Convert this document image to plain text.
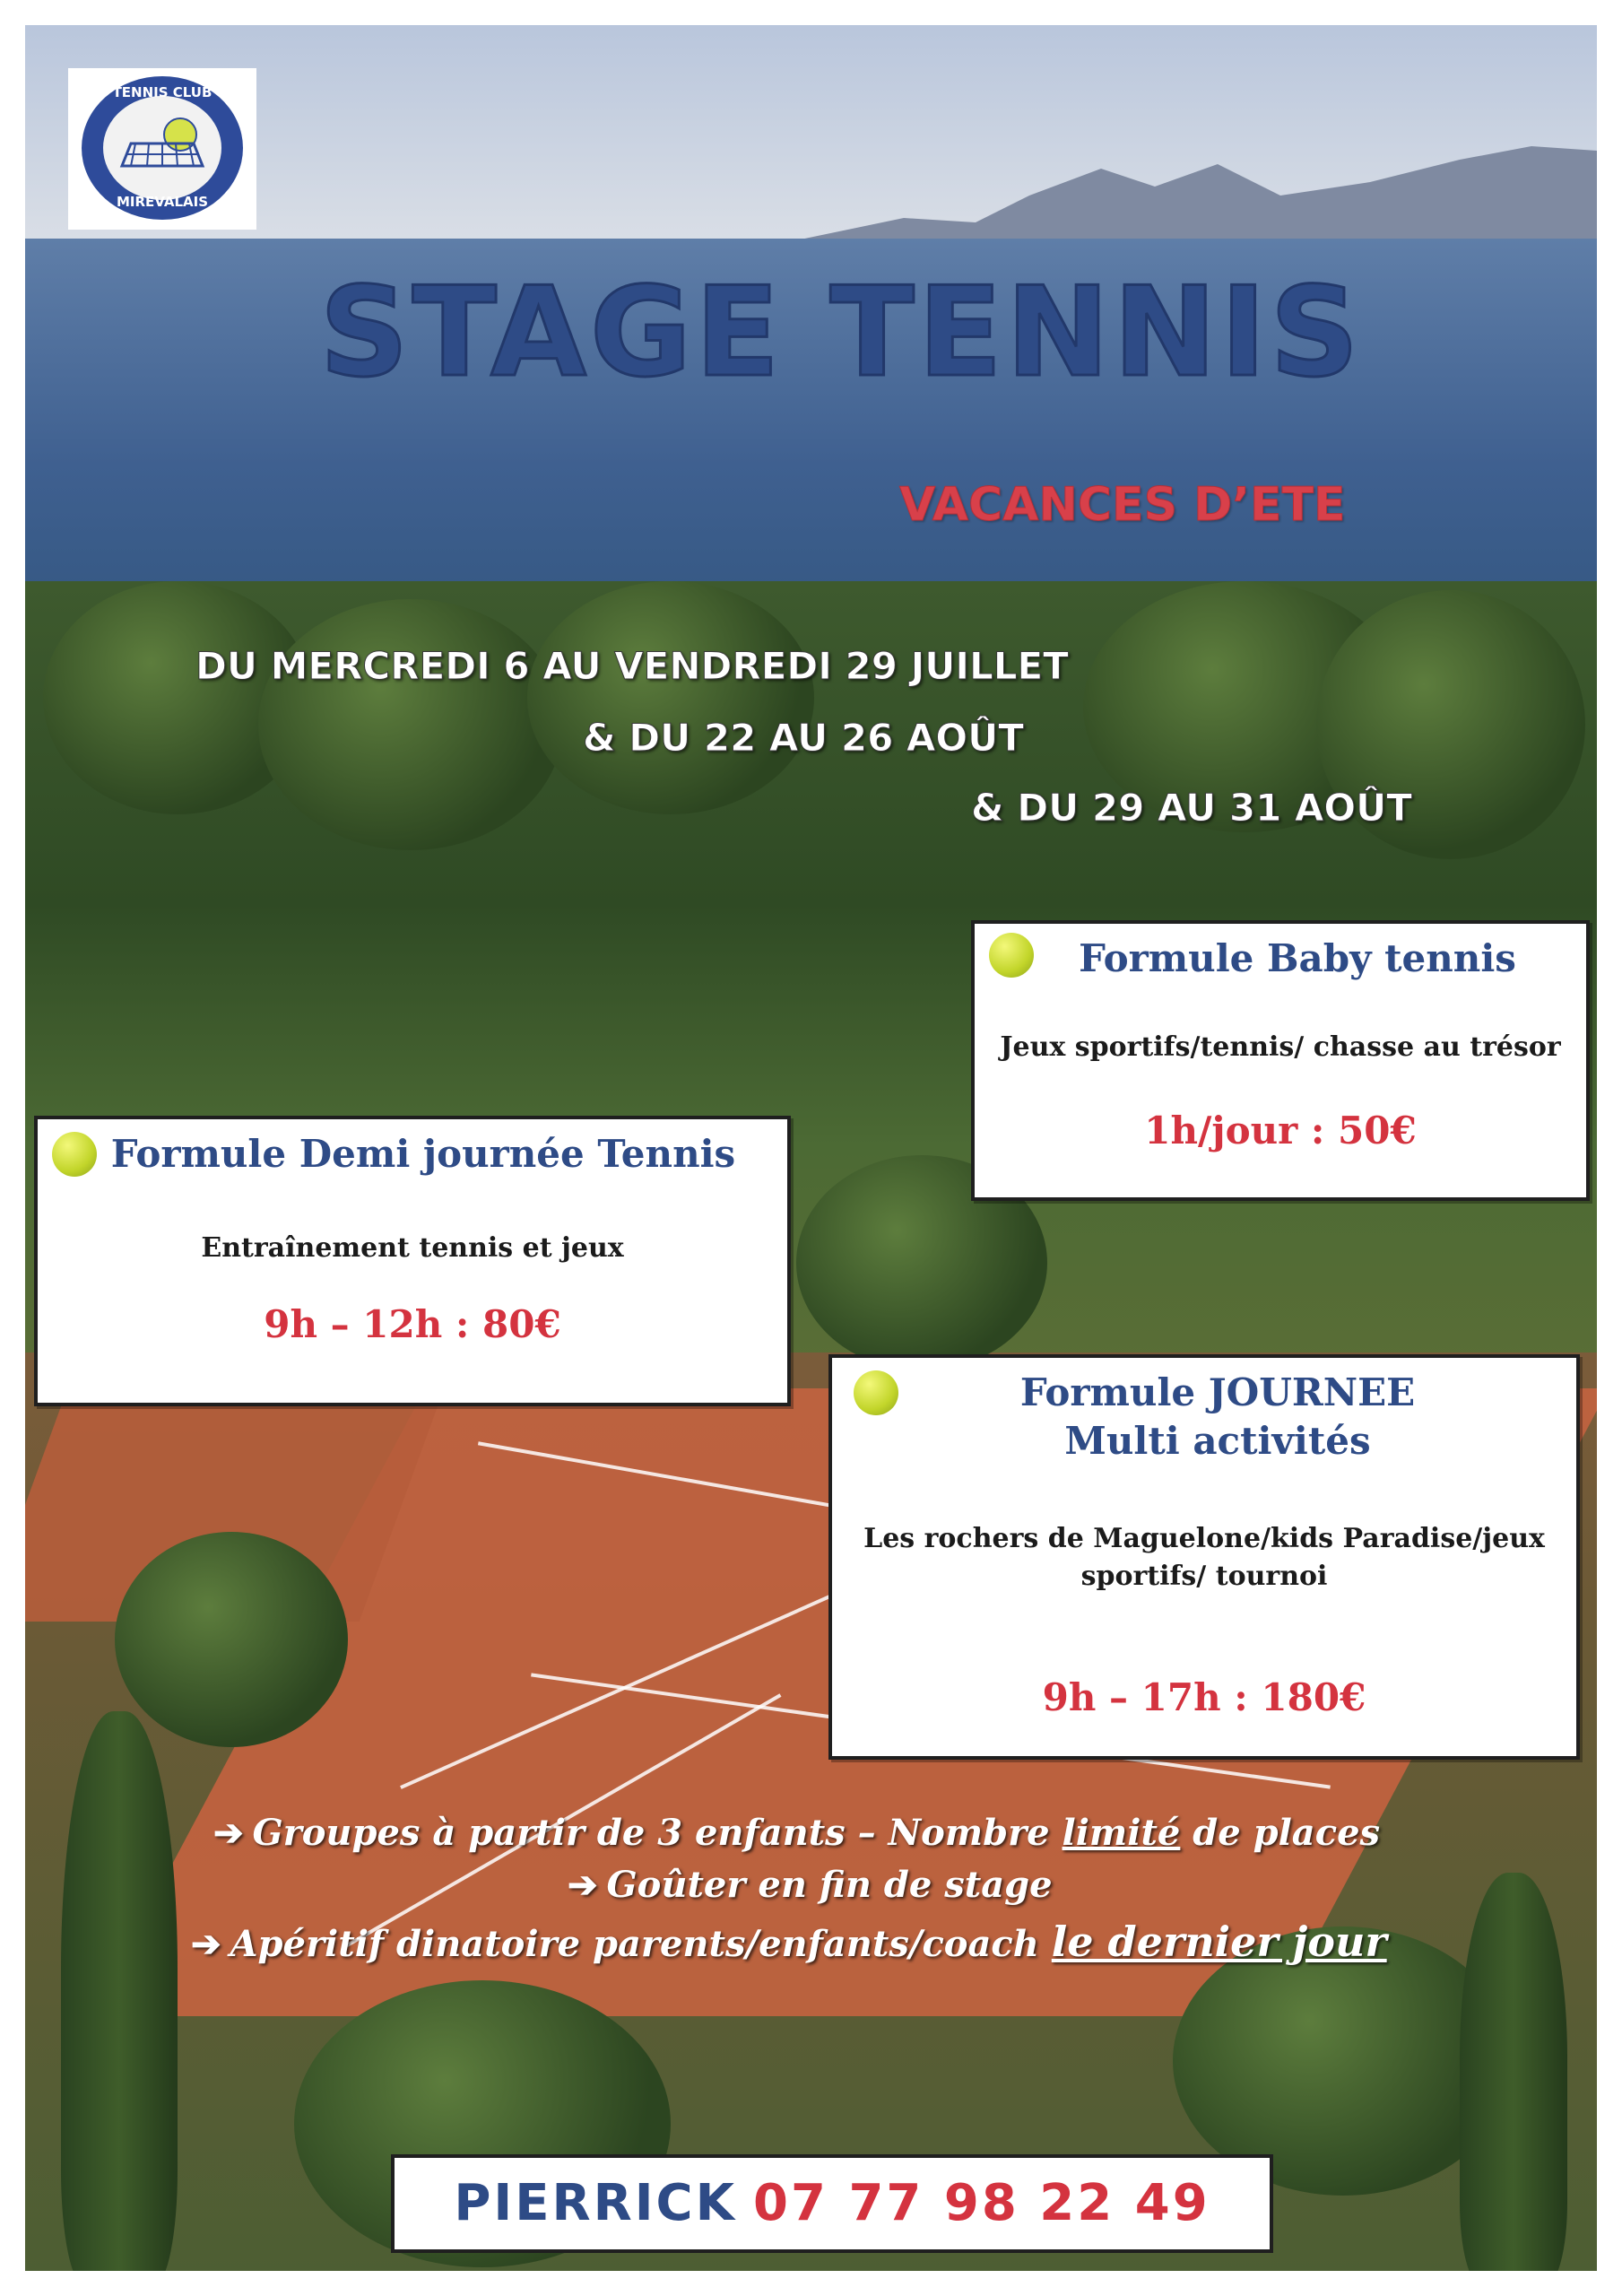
TENNIS CLUB
MIREVALAIS
STAGE TENNIS
VACANCES D’ETE
DU MERCREDI 6 AU VENDREDI 29 JUILLET
& DU 22 AU 26 AOÛT
& DU 29 AU 31 AOÛT
Formule Baby tennis
Jeux sportifs/tennis/ chasse au trésor
1h/jour : 50€
Formule Demi journée Tennis
Entraînement tennis et jeux
9h – 12h : 80€
Formule JOURNEE
Multi activités
Les rochers de Maguelone/kids Paradise/jeux
sportifs/ tournoi
9h – 17h : 180€
➔ Groupes à partir de 3 enfants – Nombre limité de places
➔ Goûter en fin de stage
➔ Apéritif dinatoire parents/enfants/coach le dernier jour
PIERRICK 07 77 98 22 49
